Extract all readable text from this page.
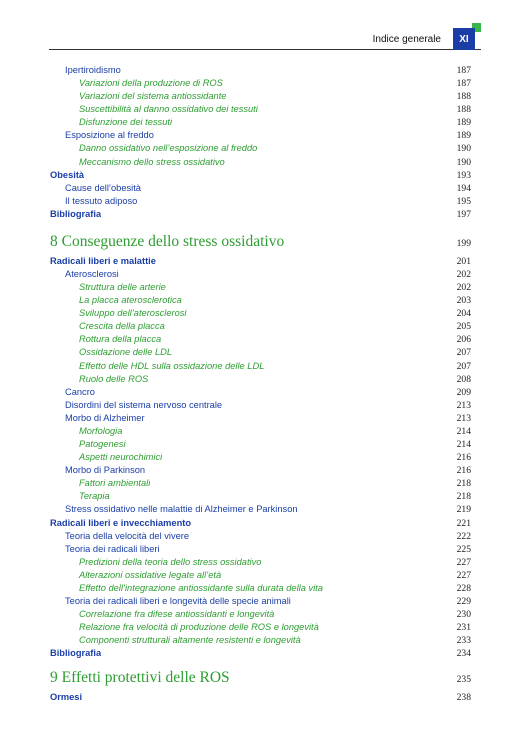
Indice generale XI
Ipertiroidismo	187
Variazioni della produzione di ROS	187
Variazioni del sistema antiossidante	188
Suscettibilità al danno ossidativo dei tessuti	188
Disfunzione dei tessuti	189
Esposizione al freddo	189
Danno ossidativo nell’esposizione al freddo	190
Meccanismo dello stress ossidativo	190
Obesità	193
Cause dell’obesità	194
Il tessuto adiposo	195
Bibliografia	197
8 Conseguenze dello stress ossidativo	199
Radicali liberi e malattie	201
Aterosclerosi	202
Struttura delle arterie	202
La placca aterosclerotica	203
Sviluppo dell’aterosclerosi	204
Crescita della placca	205
Rottura della placca	206
Ossidazione delle LDL	207
Effetto delle HDL sulla ossidazione delle LDL	207
Ruolo delle ROS	208
Cancro	209
Disordini del sistema nervoso centrale	213
Morbo di Alzheimer	213
Morfologia	214
Patogenesi	214
Aspetti neurochimici	216
Morbo di Parkinson	216
Fattori ambientali	218
Terapia	218
Stress ossidativo nelle malattie di Alzheimer e Parkinson	219
Radicali liberi e invecchiamento	221
Teoria della velocità del vivere	222
Teoria dei radicali liberi	225
Predizioni della teoria dello stress ossidativo	227
Alterazioni ossidative legate all’età	227
Effetto dell’integrazione antiossidante sulla durata della vita	228
Teoria dei radicali liberi e longevità delle specie animali	229
Correlazione fra difese antiossidanti e longevità	230
Relazione fra velocità di produzione delle ROS e longevità	231
Componenti strutturali altamente resistenti e longevità	233
Bibliografia	234
9 Effetti protettivi delle ROS	235
Ormesi	238
